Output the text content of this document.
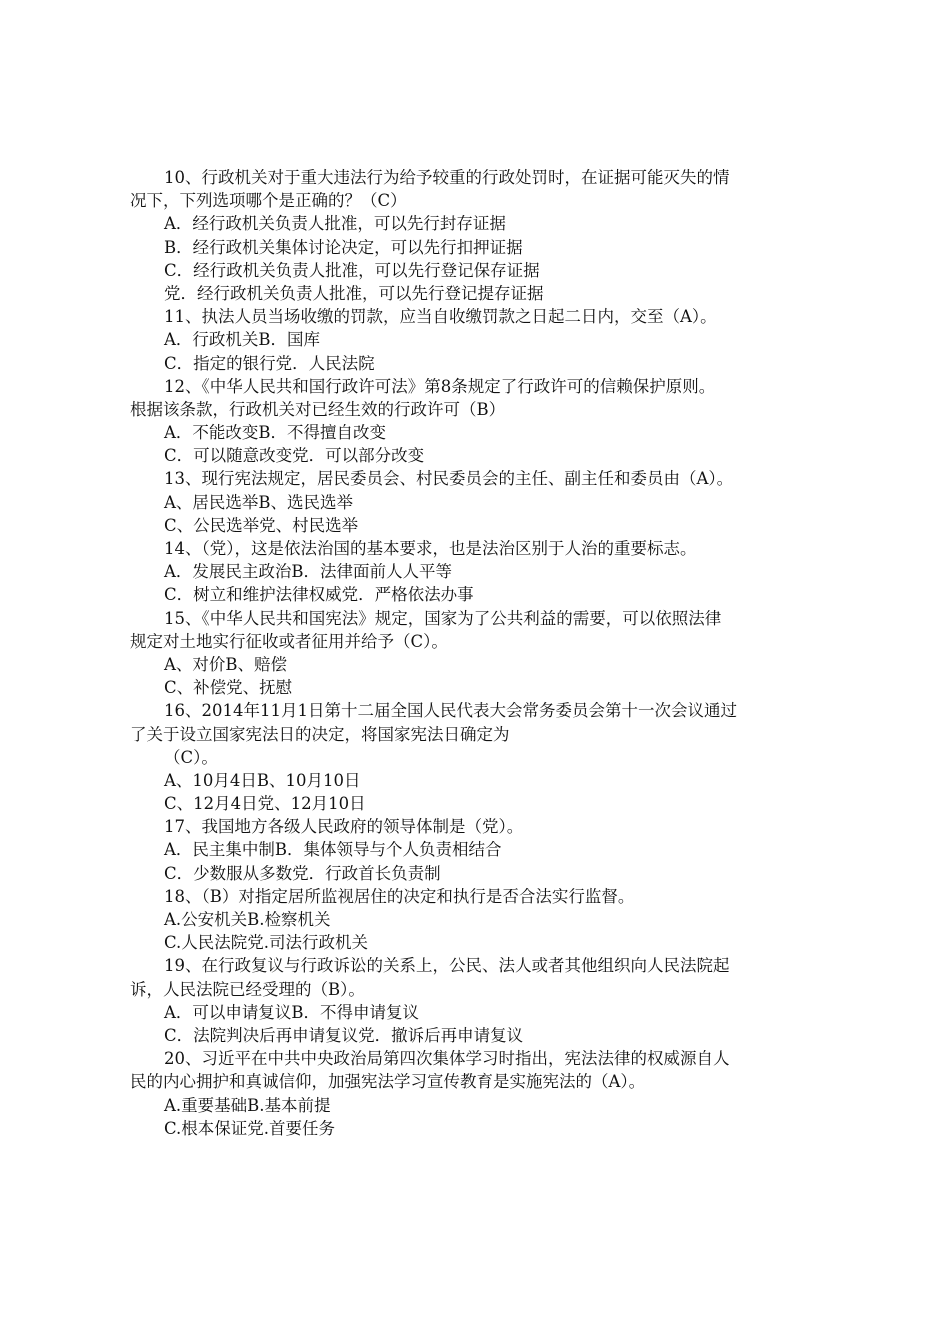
10、行政机关对于重大违法行为给予较重的行政处罚时，在证据可能灭失的情
况下，下列选项哪个是正确的？（C）
A．经行政机关负责人批准，可以先行封存证据
B．经行政机关集体讨论决定，可以先行扣押证据
C．经行政机关负责人批准，可以先行登记保存证据
党．经行政机关负责人批准，可以先行登记提存证据
11、执法人员当场收缴的罚款，应当自收缴罚款之日起二日内，交至（A）。
A．行政机关B．国库
C．指定的银行党．人民法院
12、《中华人民共和国行政许可法》第8条规定了行政许可的信赖保护原则。
根据该条款，行政机关对已经生效的行政许可（B）
A．不能改变B．不得擅自改变
C．可以随意改变党．可以部分改变
13、现行宪法规定，居民委员会、村民委员会的主任、副主任和委员由（A）。
A、居民选举B、选民选举
C、公民选举党、村民选举
14、（党），这是依法治国的基本要求，也是法治区别于人治的重要标志。
A．发展民主政治B．法律面前人人平等
C．树立和维护法律权威党．严格依法办事
15、《中华人民共和国宪法》规定，国家为了公共利益的需要，可以依照法律
规定对土地实行征收或者征用并给予（C）。
A、对价B、赔偿
C、补偿党、抚慰
16、2014年11月1日第十二届全国人民代表大会常务委员会第十一次会议通过
了关于设立国家宪法日的决定，将国家宪法日确定为
（C）。
A、10月4日B、10月10日
C、12月4日党、12月10日
17、我国地方各级人民政府的领导体制是（党）。
A．民主集中制B．集体领导与个人负责相结合
C．少数服从多数党．行政首长负责制
18、（B）对指定居所监视居住的决定和执行是否合法实行监督。
A.公安机关B.检察机关
C.人民法院党.司法行政机关
19、在行政复议与行政诉讼的关系上，公民、法人或者其他组织向人民法院起
诉，人民法院已经受理的（B）。
A．可以申请复议B．不得申请复议
C．法院判决后再申请复议党．撤诉后再申请复议
20、习近平在中共中央政治局第四次集体学习时指出，宪法法律的权威源自人
民的内心拥护和真诚信仰，加强宪法学习宣传教育是实施宪法的（A）。
A.重要基础B.基本前提
C.根本保证党.首要任务
